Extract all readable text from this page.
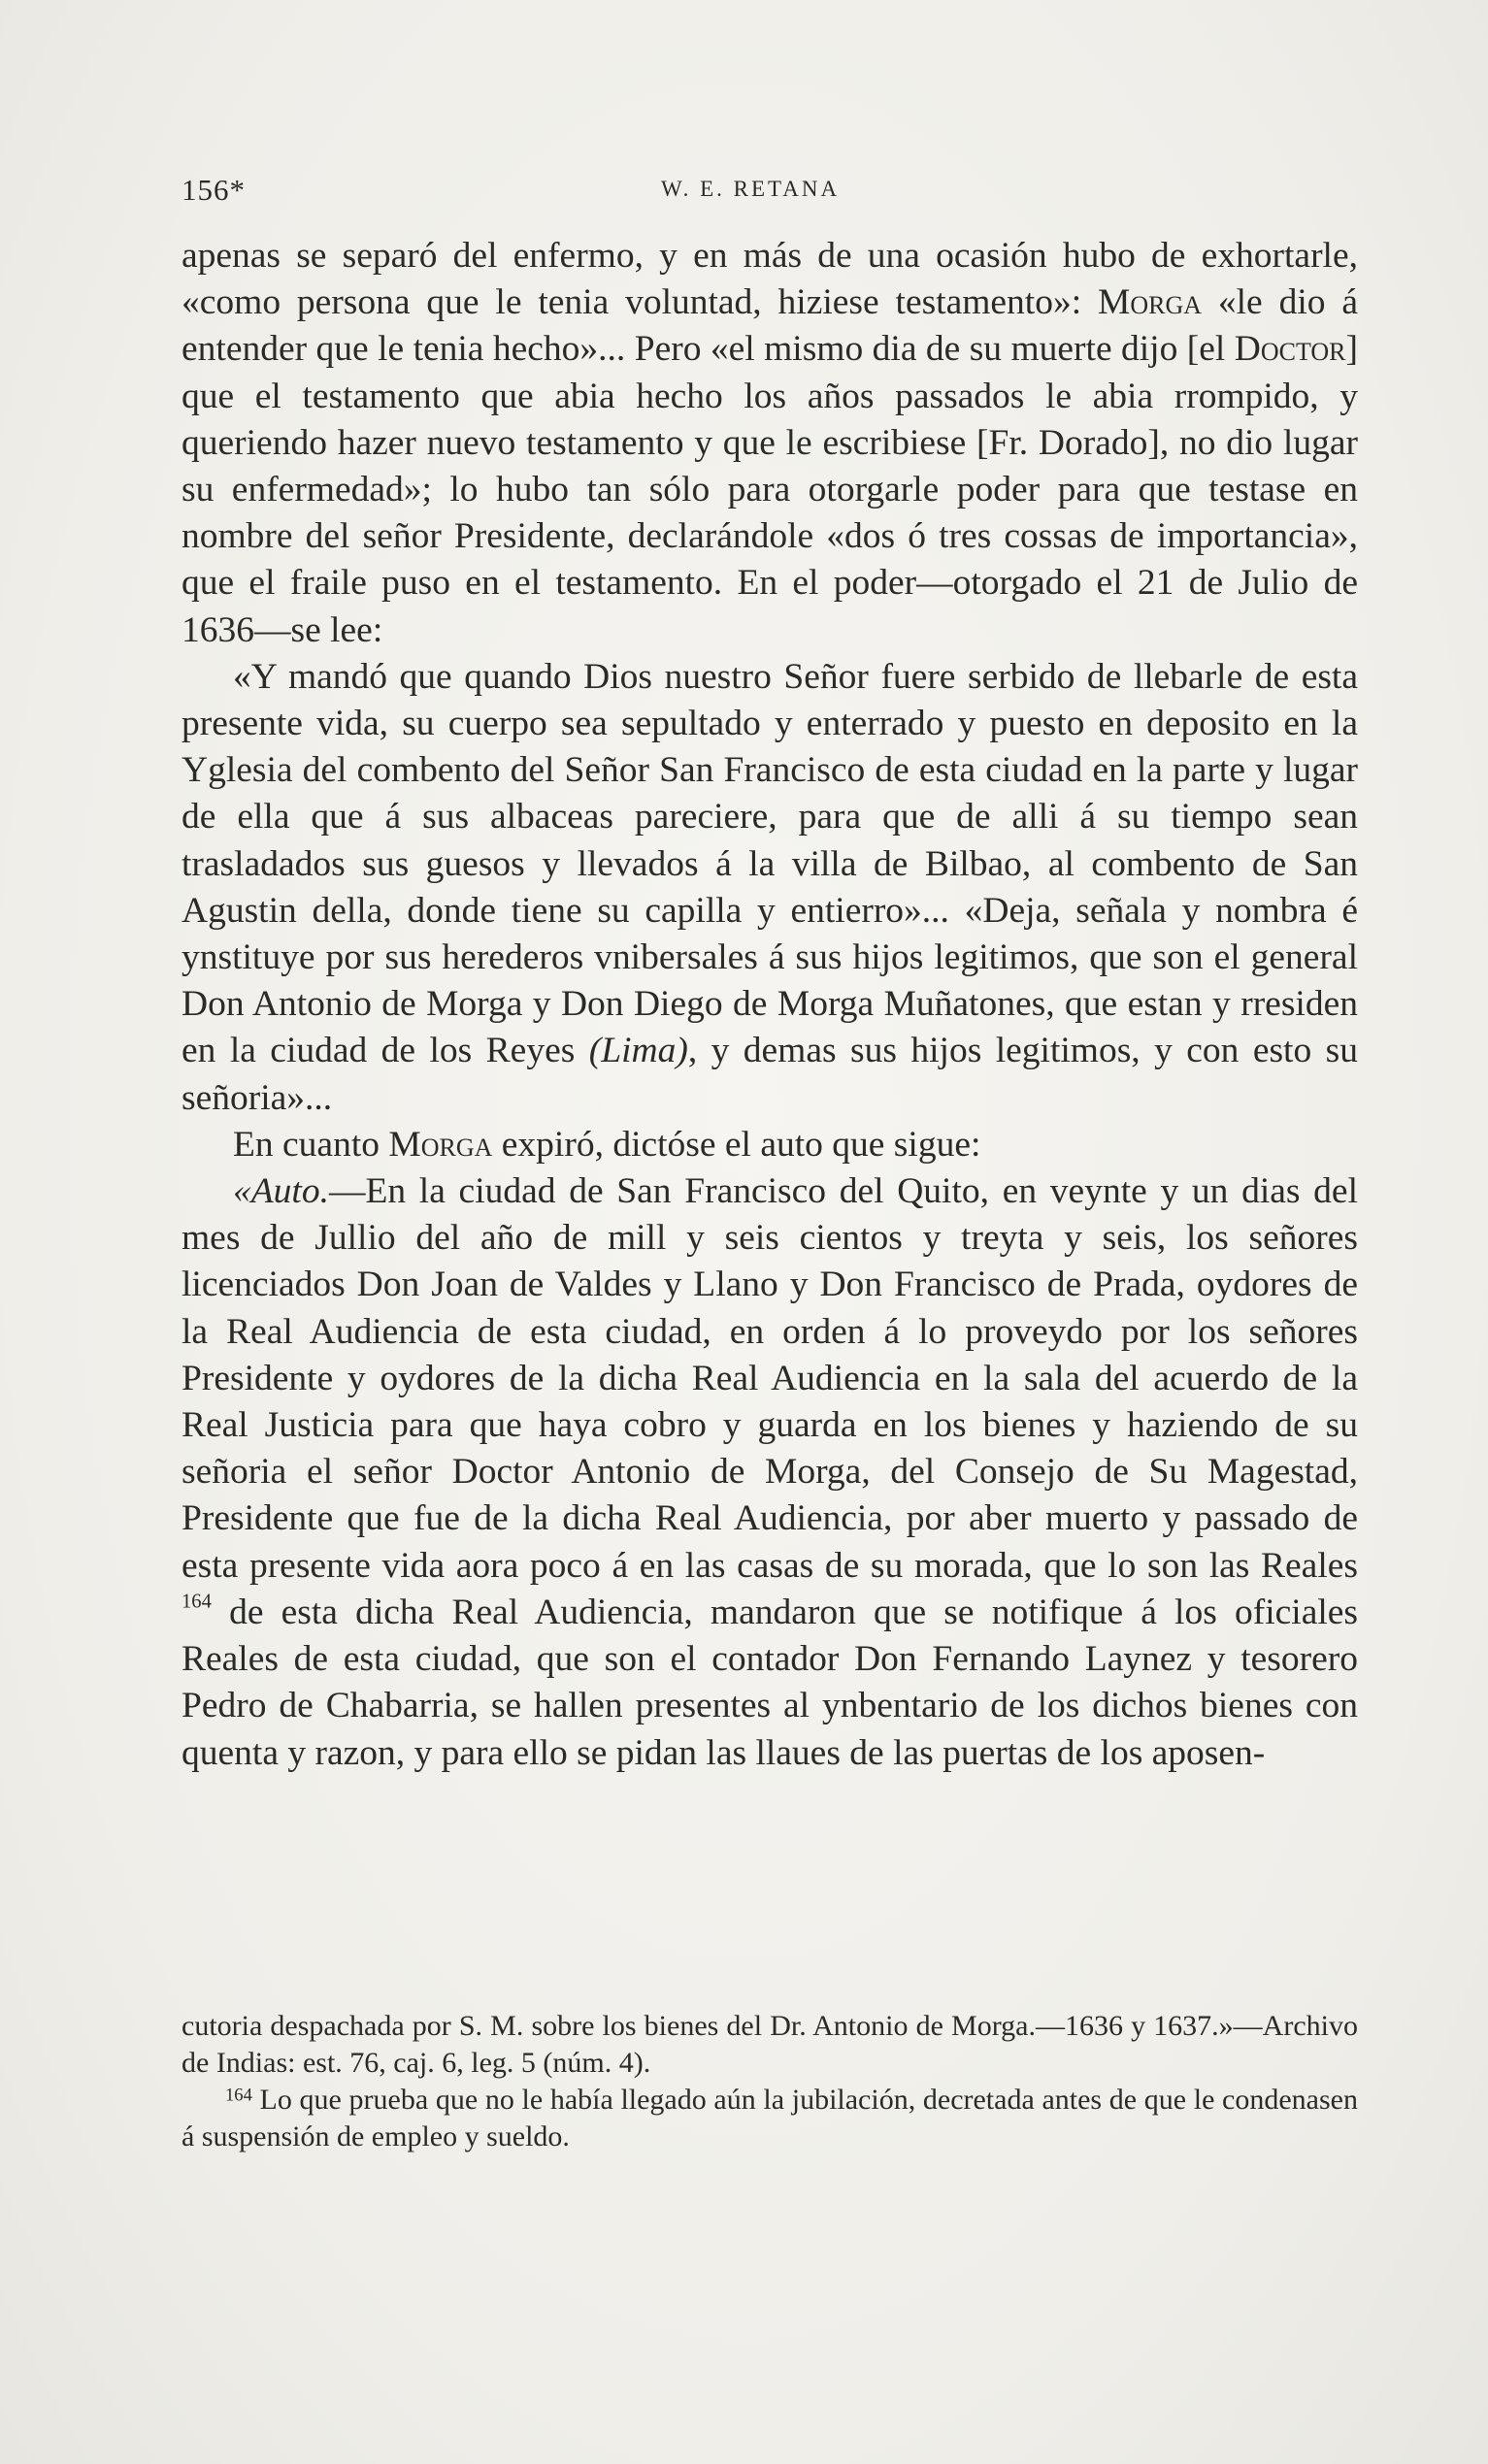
156*	W. E. RETANA

apenas se separó del enfermo, y en más de una ocasión hubo de exhortarle, «como persona que le tenia voluntad, hiziese testamento»: Morga «le dio á entender que le tenia hecho»... Pero «el mismo dia de su muerte dijo [el Doctor] que el testamento que abia hecho los años passados le abia rrompido, y queriendo hazer nuevo testamento y que le escribiese [Fr. Dorado], no dio lugar su enfermedad»; lo hubo tan sólo para otorgarle poder para que testase en nombre del señor Presidente, declarándole «dos ó tres cossas de importancia», que el fraile puso en el testamento. En el poder—otorgado el 21 de Julio de 1636—se lee:

«Y mandó que quando Dios nuestro Señor fuere serbido de llebarle de esta presente vida, su cuerpo sea sepultado y enterrado y puesto en deposito en la Yglesia del combento del Señor San Francisco de esta ciudad en la parte y lugar de ella que á sus albaceas pareciere, para que de alli á su tiempo sean trasladados sus guesos y llevados á la villa de Bilbao, al combento de San Agustin della, donde tiene su capilla y entierro»... «Deja, señala y nombra é ynstituye por sus herederos vnibersales á sus hijos legitimos, que son el general Don Antonio de Morga y Don Diego de Morga Muñatones, que estan y rresiden en la ciudad de los Reyes (Lima), y demas sus hijos legitimos, y con esto su señoria»...

En cuanto Morga expiró, dictóse el auto que sigue:

«Auto.—En la ciudad de San Francisco del Quito, en veynte y un dias del mes de Jullio del año de mill y seis cientos y treyta y seis, los señores licenciados Don Joan de Valdes y Llano y Don Francisco de Prada, oydores de la Real Audiencia de esta ciudad, en orden á lo proveydo por los señores Presidente y oydores de la dicha Real Audiencia en la sala del acuerdo de la Real Justicia para que haya cobro y guarda en los bienes y haziendo de su señoria el señor Doctor Antonio de Morga, del Consejo de Su Magestad, Presidente que fue de la dicha Real Audiencia, por aber muerto y passado de esta presente vida aora poco á en las casas de su morada, que lo son las Reales $^{164}$ de esta dicha Real Audiencia, mandaron que se notifique á los oficiales Reales de esta ciudad, que son el contador Don Fernando Laynez y tesorero Pedro de Chabarria, se hallen presentes al ynbentario de los dichos bienes con quenta y razon, y para ello se pidan las llaues de las puertas de los aposen-

cutoria despachada por S. M. sobre los bienes del Dr. Antonio de Morga.—1636 y 1637.»—Archivo de Indias: est. 76, caj. 6, leg. 5 (núm. 4).

$^{164}$ Lo que prueba que no le había llegado aún la jubilación, decretada antes de que le condenasen á suspensión de empleo y sueldo.
